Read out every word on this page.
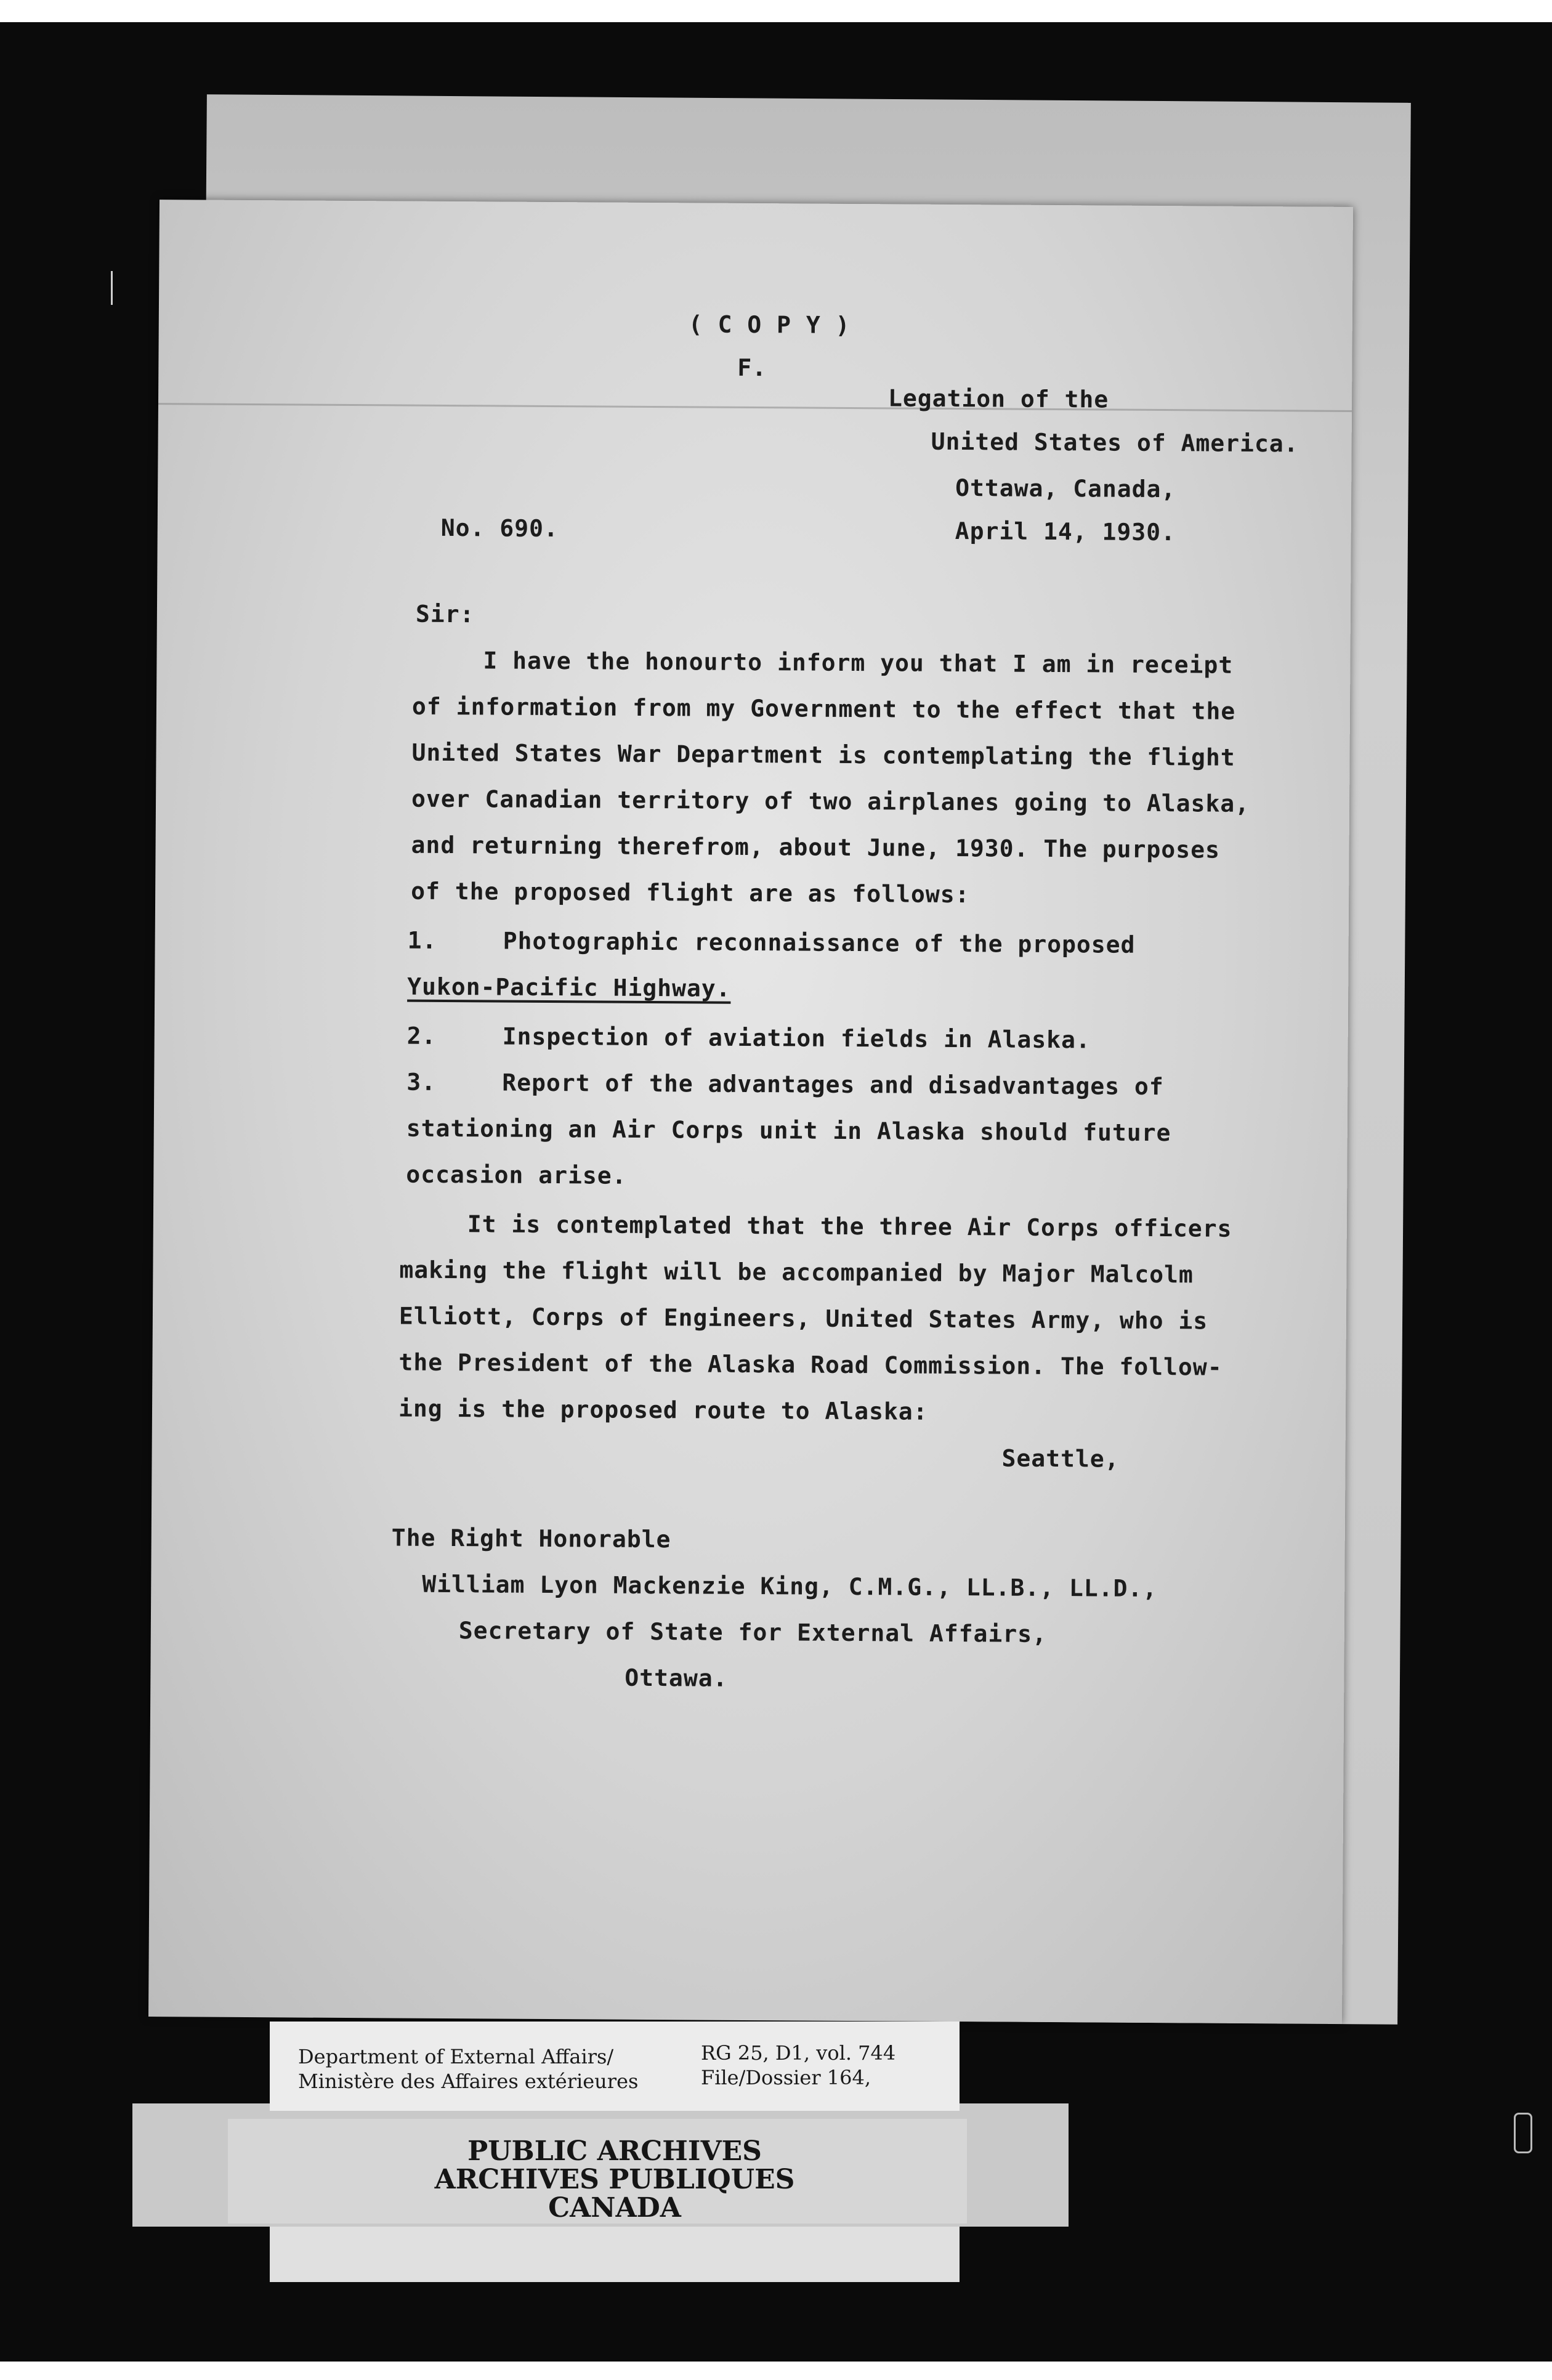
( C O P Y )
F.
Legation of the
United States of America.
Ottawa, Canada,
April 14, 1930.
No. 690.
Sir:
I have the honourto inform you that I am in receipt
of information from my Government to the effect that the
United States War Department is contemplating the flight
over Canadian territory of two airplanes going to Alaska,
and returning therefrom, about June, 1930. The purposes
of the proposed flight are as follows:
1.	Photographic reconnaissance of the proposed
Yukon-Pacific Highway.
2.	Inspection of aviation fields in Alaska.
3.	Report of the advantages and disadvantages of
stationing an Air Corps unit in Alaska should future
occasion arise.
It is contemplated that the three Air Corps officers
making the flight will be accompanied by Major Malcolm
Elliott, Corps of Engineers, United States Army, who is
the President of the Alaska Road Commission. The follow-
ing is the proposed route to Alaska:
Seattle,
The Right Honorable
William Lyon Mackenzie King, C.M.G., LL.B., LL.D.,
Secretary of State for External Affairs,
Ottawa.
Department of External Affairs/
Ministère des Affaires extérieures
RG 25, D1, vol. 744
File/Dossier 164,
PUBLIC ARCHIVES
ARCHIVES PUBLIQUES
CANADA
